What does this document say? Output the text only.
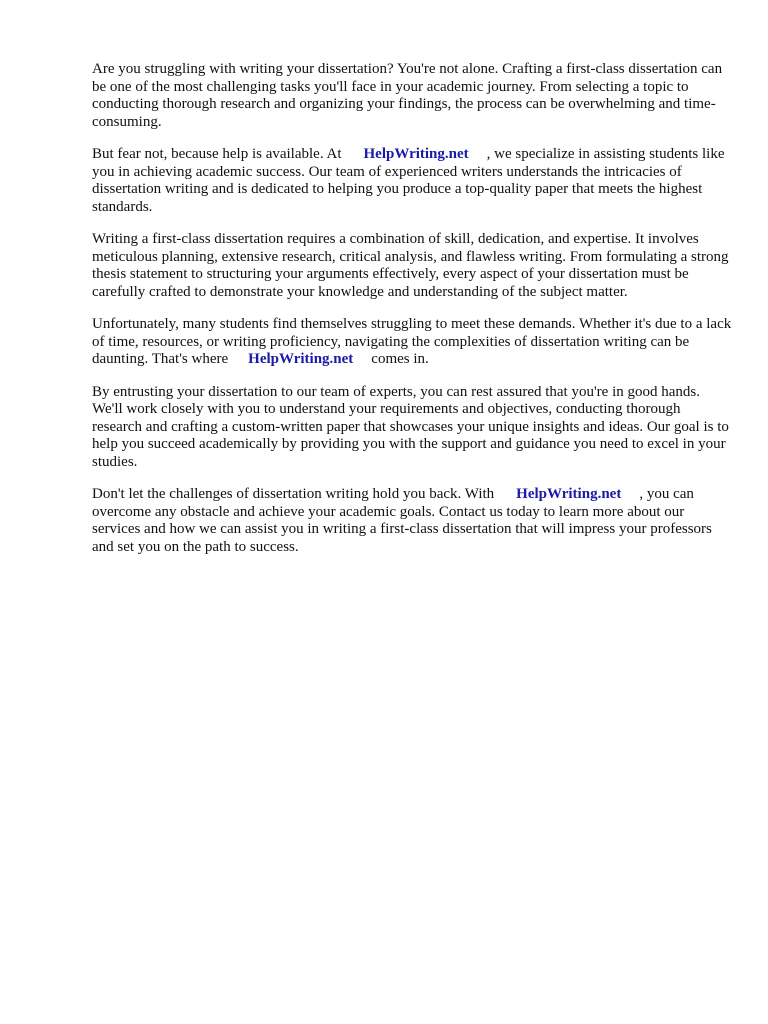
Are you struggling with writing your dissertation? You're not alone. Crafting a first-class dissertation can be one of the most challenging tasks you'll face in your academic journey. From selecting a topic to conducting thorough research and organizing your findings, the process can be overwhelming and time-consuming.

But fear not, because help is available. At HelpWriting.net , we specialize in assisting students like you in achieving academic success. Our team of experienced writers understands the intricacies of dissertation writing and is dedicated to helping you produce a top-quality paper that meets the highest standards.

Writing a first-class dissertation requires a combination of skill, dedication, and expertise. It involves meticulous planning, extensive research, critical analysis, and flawless writing. From formulating a strong thesis statement to structuring your arguments effectively, every aspect of your dissertation must be carefully crafted to demonstrate your knowledge and understanding of the subject matter.

Unfortunately, many students find themselves struggling to meet these demands. Whether it's due to a lack of time, resources, or writing proficiency, navigating the complexities of dissertation writing can be daunting. That's where HelpWriting.net comes in.

By entrusting your dissertation to our team of experts, you can rest assured that you're in good hands. We'll work closely with you to understand your requirements and objectives, conducting thorough research and crafting a custom-written paper that showcases your unique insights and ideas. Our goal is to help you succeed academically by providing you with the support and guidance you need to excel in your studies.

Don't let the challenges of dissertation writing hold you back. With HelpWriting.net , you can overcome any obstacle and achieve your academic goals. Contact us today to learn more about our services and how we can assist you in writing a first-class dissertation that will impress your professors and set you on the path to success.
